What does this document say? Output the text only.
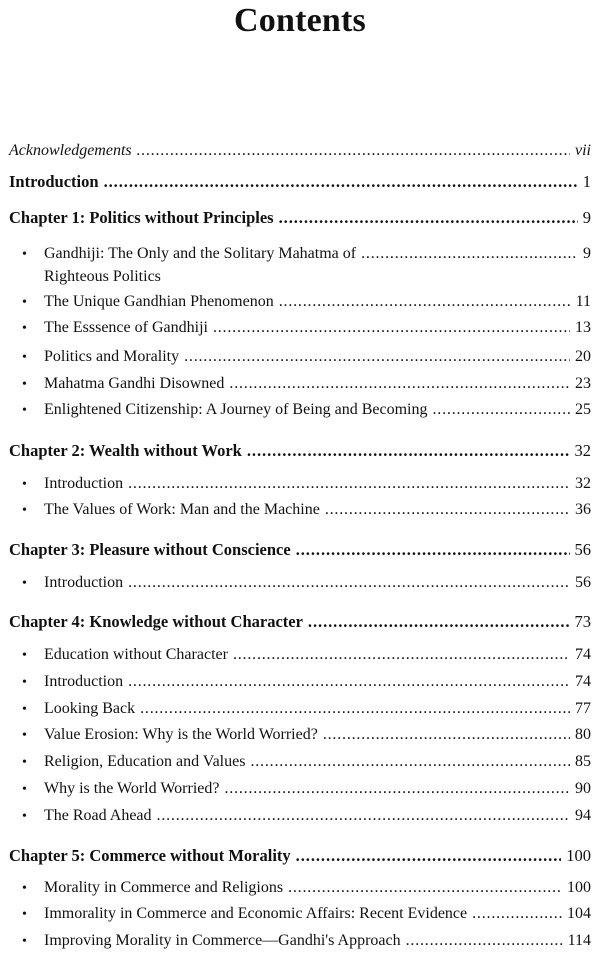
Contents
Acknowledgements . . .	vii
Introduction . . .	1
Chapter 1: Politics without Principles . . .	9
•	Gandhiji: The Only and the Solitary Mahatma of . . .	9
Righteous Politics
•	The Unique Gandhian Phenomenon . . .	11
•	The Esssence of Gandhiji . . .	13
•	Politics and Morality . . .	20
•	Mahatma Gandhi Disowned . . .	23
•	Enlightened Citizenship: A Journey of Being and Becoming . . .	25
Chapter 2: Wealth without Work . . .	32
•	Introduction . . .	32
•	The Values of Work: Man and the Machine . . .	36
Chapter 3: Pleasure without Conscience . . .	56
•	Introduction . . .	56
Chapter 4: Knowledge without Character . . .	73
•	Education without Character . . .	74
•	Introduction . . .	74
•	Looking Back . . .	77
•	Value Erosion: Why is the World Worried? . . .	80
•	Religion, Education and Values . . .	85
•	Why is the World Worried? . . .	90
•	The Road Ahead . . .	94
Chapter 5: Commerce without Morality . . .	100
•	Morality in Commerce and Religions . . .	100
•	Immorality in Commerce and Economic Affairs: Recent Evidence . . .	104
•	Improving Morality in Commerce—Gandhi's Approach . . .	114
